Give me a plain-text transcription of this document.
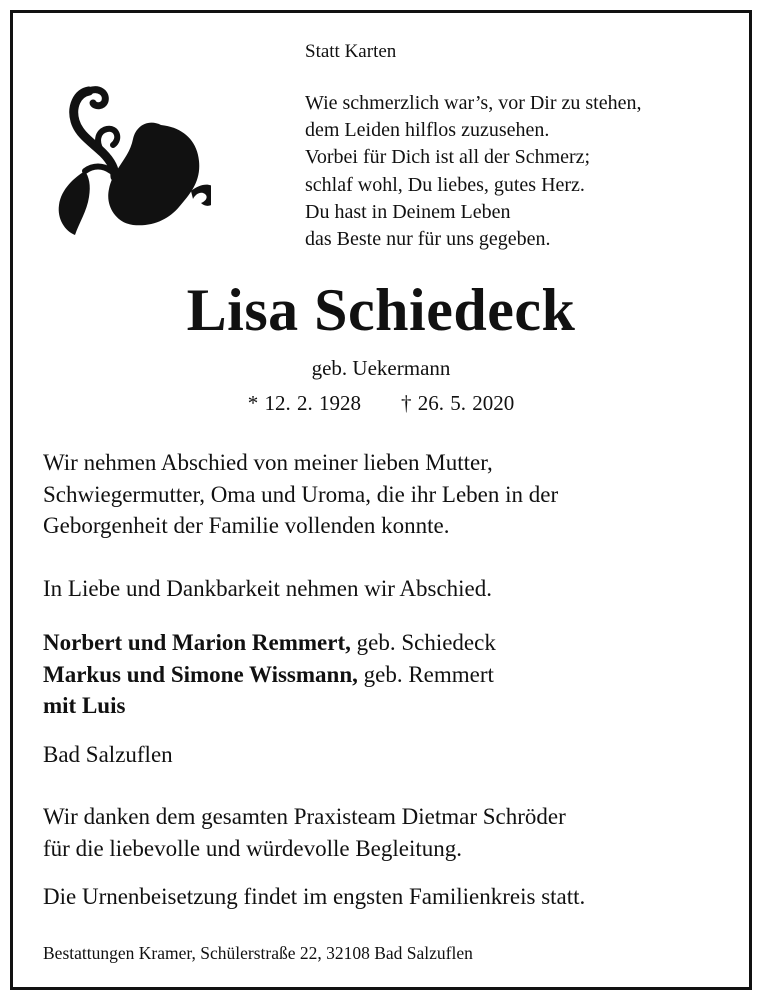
Statt Karten

Wie schmerzlich war’s, vor Dir zu stehen,
dem Leiden hilflos zuzusehen.
Vorbei für Dich ist all der Schmerz;
schlaf wohl, Du liebes, gutes Herz.
Du hast in Deinem Leben
das Beste nur für uns gegeben.
Lisa Schiedeck

geb. Uekermann

* 12. 2. 1928 † 26. 5. 2020

Wir nehmen Abschied von meiner lieben Mutter,
Schwiegermutter, Oma und Uroma, die ihr Leben in der
Geborgenheit der Familie vollenden konnte.
In Liebe und Dankbarkeit nehmen wir Abschied.
Norbert und Marion Remmert, geb. Schiedeck
Markus und Simone Wissmann, geb. Remmert
mit Luis
Bad Salzuflen
Wir danken dem gesamten Praxisteam Dietmar Schröder
für die liebevolle und würdevolle Begleitung.
Die Urnenbeisetzung findet im engsten Familienkreis statt.

Bestattungen Kramer, Schülerstraße 22, 32108 Bad Salzuflen
